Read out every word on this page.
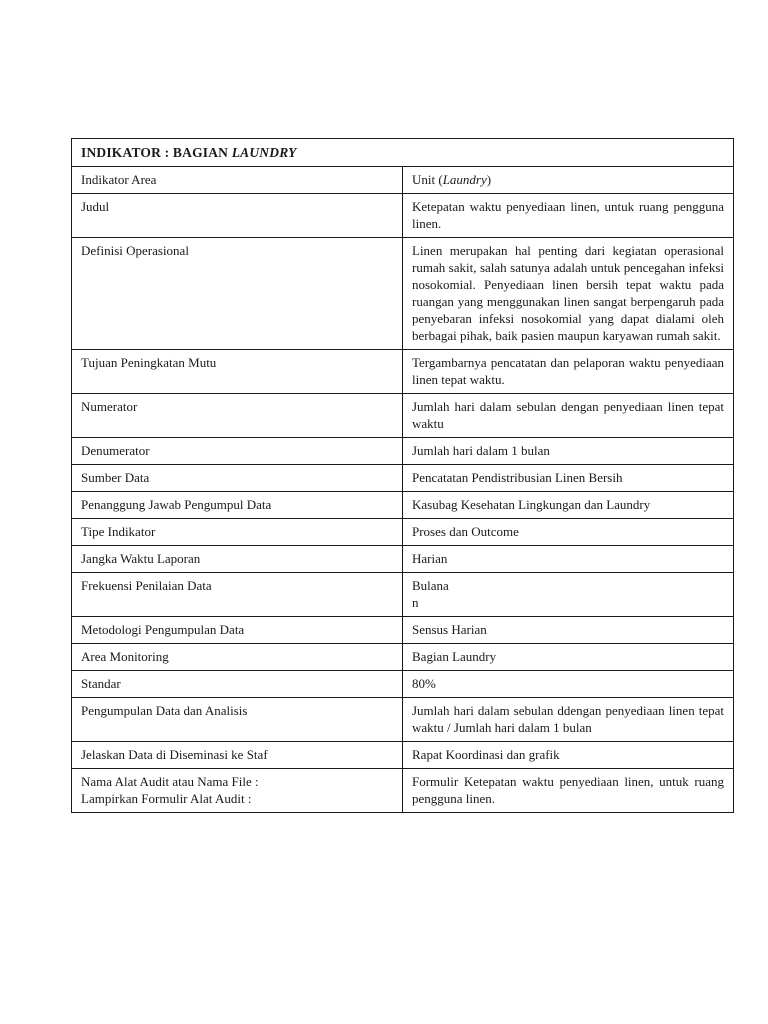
INDIKATOR : BAGIAN LAUNDRY	
Indikator Area	Unit (Laundry)
Judul	Ketepatan waktu penyediaan linen, untuk ruang pengguna linen.
Definisi Operasional	Linen merupakan hal penting dari kegiatan operasional rumah sakit, salah satunya adalah untuk pencegahan infeksi nosokomial. Penyediaan linen bersih tepat waktu pada ruangan yang menggunakan linen sangat berpengaruh pada penyebaran infeksi nosokomial yang dapat dialami oleh berbagai pihak, baik pasien maupun karyawan rumah sakit.
Tujuan Peningkatan Mutu	Tergambarnya pencatatan dan pelaporan waktu penyediaan linen tepat waktu.
Numerator	Jumlah hari dalam sebulan dengan penyediaan linen tepat waktu
Denumerator	Jumlah hari dalam 1 bulan
Sumber Data	Pencatatan Pendistribusian Linen Bersih
Penanggung Jawab Pengumpul Data	Kasubag Kesehatan Lingkungan dan Laundry
Tipe Indikator	Proses dan Outcome
Jangka Waktu Laporan	Harian
Frekuensi Penilaian Data	Bulana
n

Metodologi Pengumpulan Data	Sensus Harian
Area Monitoring	Bagian Laundry
Standar	80%
Pengumpulan Data dan Analisis	Jumlah hari dalam sebulan ddengan penyediaan linen tepat waktu / Jumlah hari dalam 1 bulan
Jelaskan Data di Diseminasi ke Staf	Rapat Koordinasi dan grafik

Nama Alat Audit atau Nama File :
Lampirkan Formulir Alat Audit :	Formulir Ketepatan waktu penyediaan linen, untuk ruang pengguna linen.
